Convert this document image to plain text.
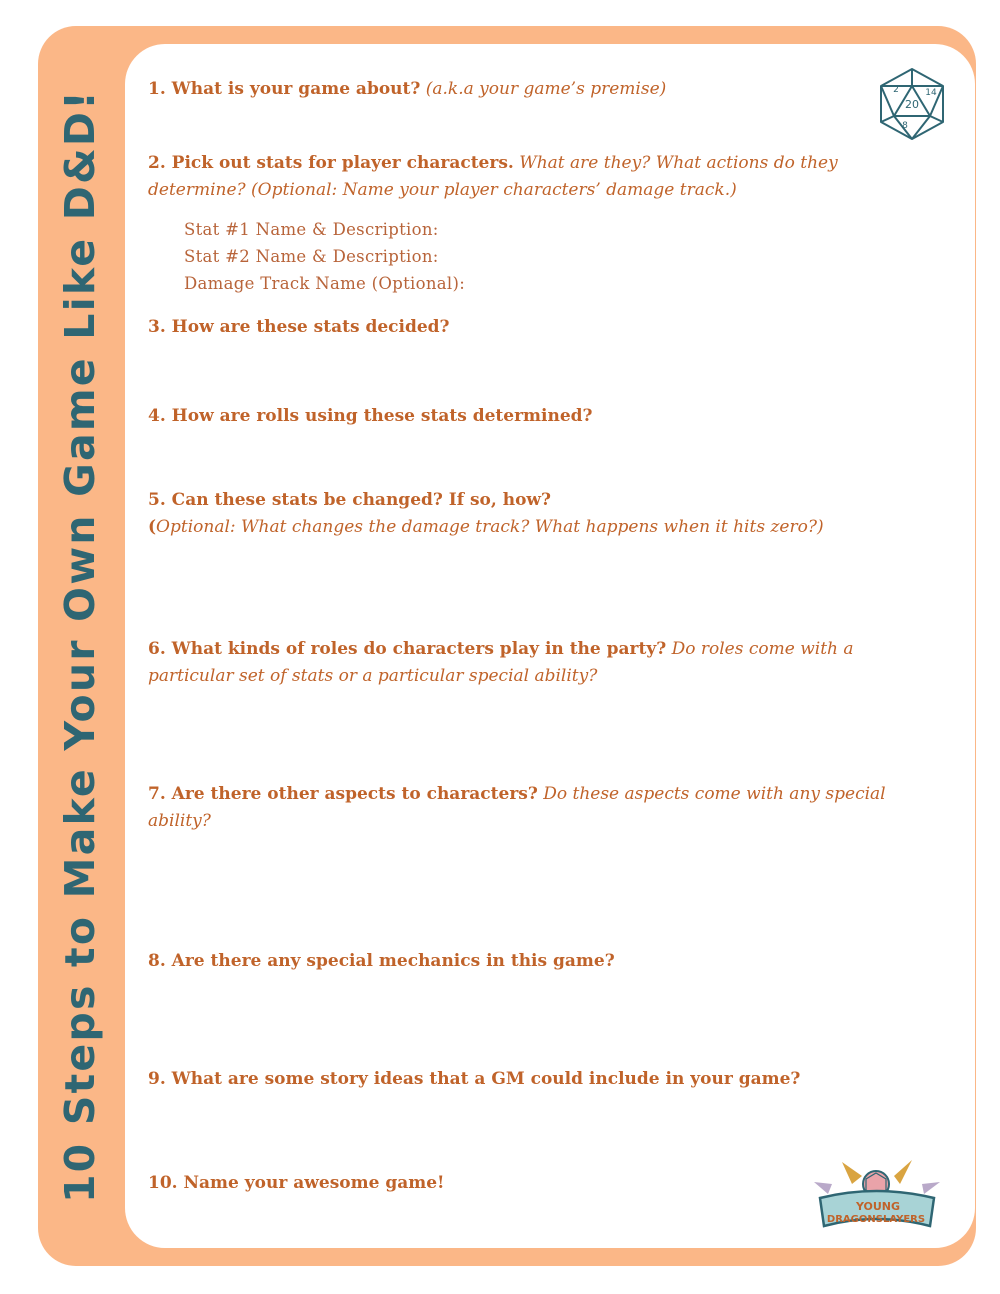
10 Steps to Make Your Own Game Like D&D!	2
20
14
8
1. What is your game about? (a.k.a your game’s premise)
2. Pick out stats for player characters. What are they? What actions do they determine? (Optional: Name your player characters’ damage track.)
Stat #1 Name & Description:
Stat #2 Name & Description:
Damage Track Name (Optional):
3. How are these stats decided?
4. How are rolls using these stats determined?
5. Can these stats be changed? If so, how?
(Optional: What changes the damage track? What happens when it hits zero?)
6. What kinds of roles do characters play in the party? Do roles come with a particular set of stats or a particular special ability?
7. Are there other aspects to characters? Do these aspects come with any special ability?
8. Are there any special mechanics in this game?
9. What are some story ideas that a GM could include in your game?
10. Name your awesome game!
YOUNG
DRAGONSLAYERS
